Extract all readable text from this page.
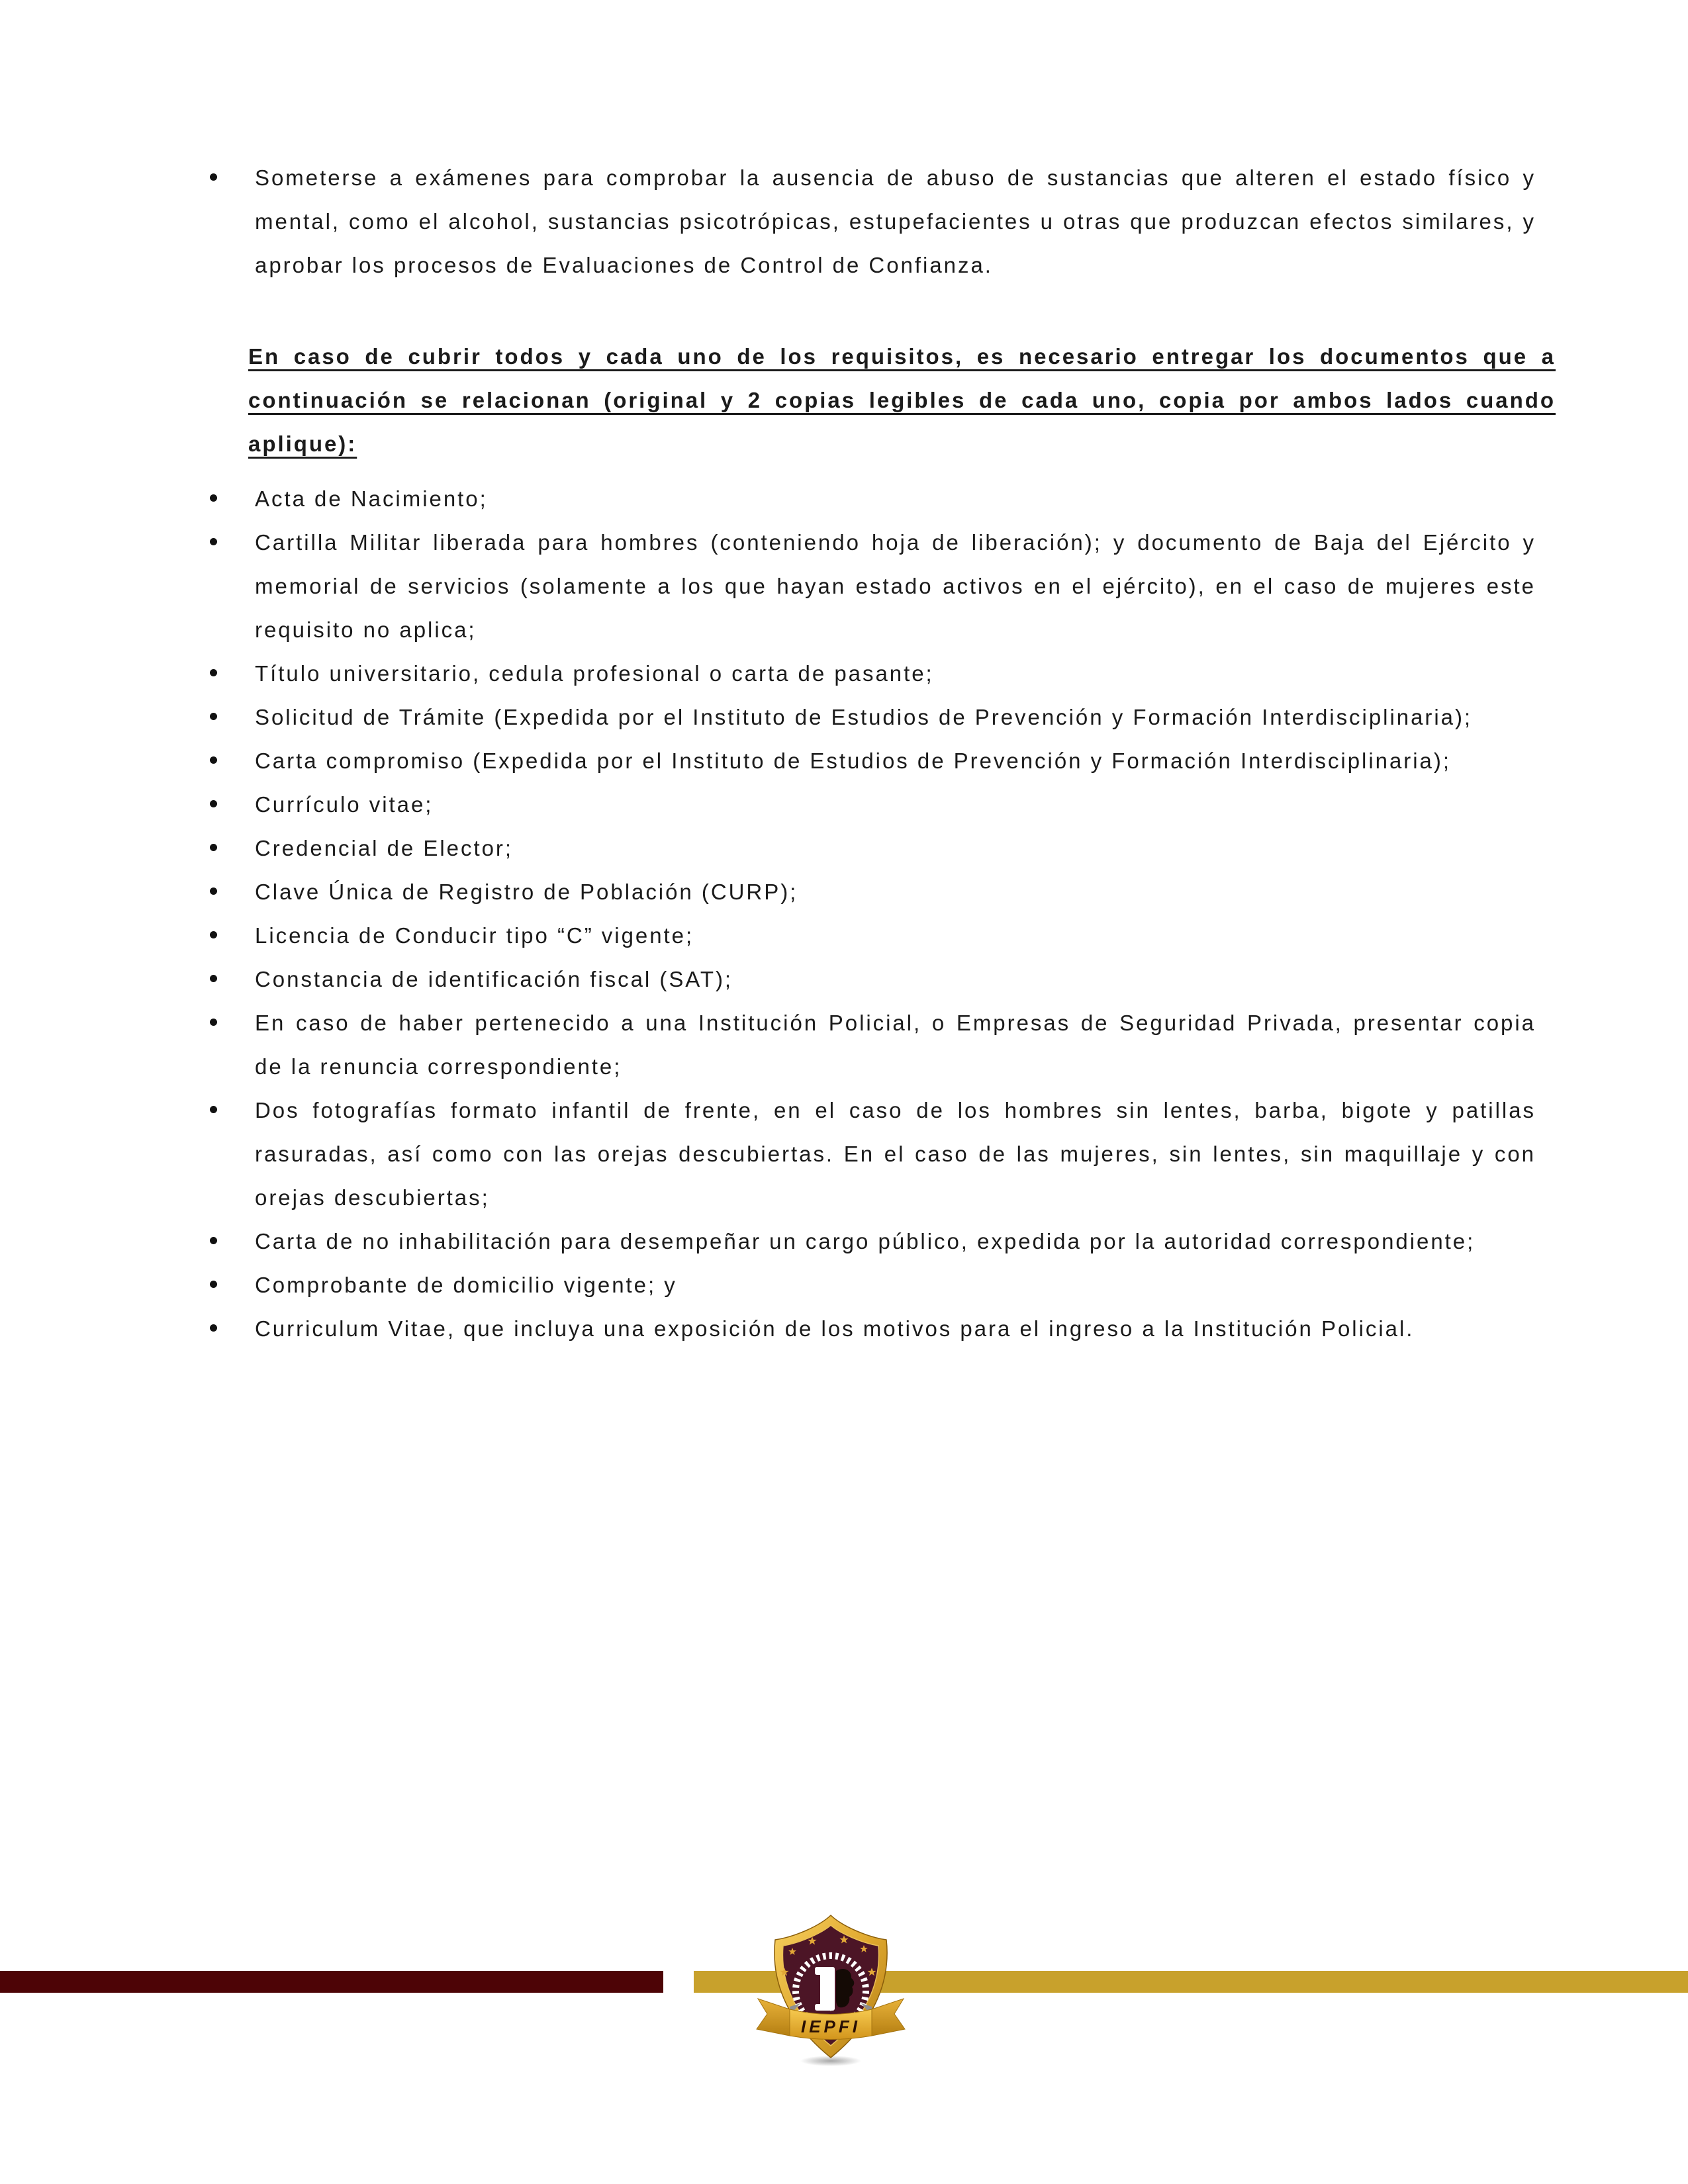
Someterse a exámenes para comprobar la ausencia de abuso de sustancias que alteren el estado físico y mental, como el alcohol, sustancias psicotrópicas, estupefacientes u otras que produzcan efectos similares, y aprobar los procesos de Evaluaciones de Control de Confianza.

En caso de cubrir todos y cada uno de los requisitos, es necesario entregar los documentos que a continuación se relacionan (original y 2 copias legibles de cada uno, copia por ambos lados cuando aplique):

Acta de Nacimiento;
Cartilla Militar liberada para hombres (conteniendo hoja de liberación); y documento de Baja del Ejército y memorial de servicios (solamente a los que hayan estado activos en el ejército), en el caso de mujeres este requisito no aplica;
Título universitario, cedula profesional o carta de pasante;
Solicitud de Trámite (Expedida por el Instituto de Estudios de Prevención y Formación Interdisciplinaria);
Carta compromiso (Expedida por el Instituto de Estudios de Prevención y Formación Interdisciplinaria);
Currículo vitae;
Credencial de Elector;
Clave Única de Registro de Población (CURP);
Licencia de Conducir tipo “C” vigente;
Constancia de identificación fiscal (SAT);
En caso de haber pertenecido a una Institución Policial, o Empresas de Seguridad Privada, presentar copia de la renuncia correspondiente;
Dos fotografías formato infantil de frente, en el caso de los hombres sin lentes, barba, bigote y patillas rasuradas, así como con las orejas descubiertas. En el caso de las mujeres, sin lentes, sin maquillaje y con orejas descubiertas;
Carta de no inhabilitación para desempeñar un cargo público, expedida por la autoridad correspondiente;
Comprobante de domicilio vigente; y
Curriculum Vitae, que incluya una exposición de los motivos para el ingreso a la Institución Policial.
IEPFI
